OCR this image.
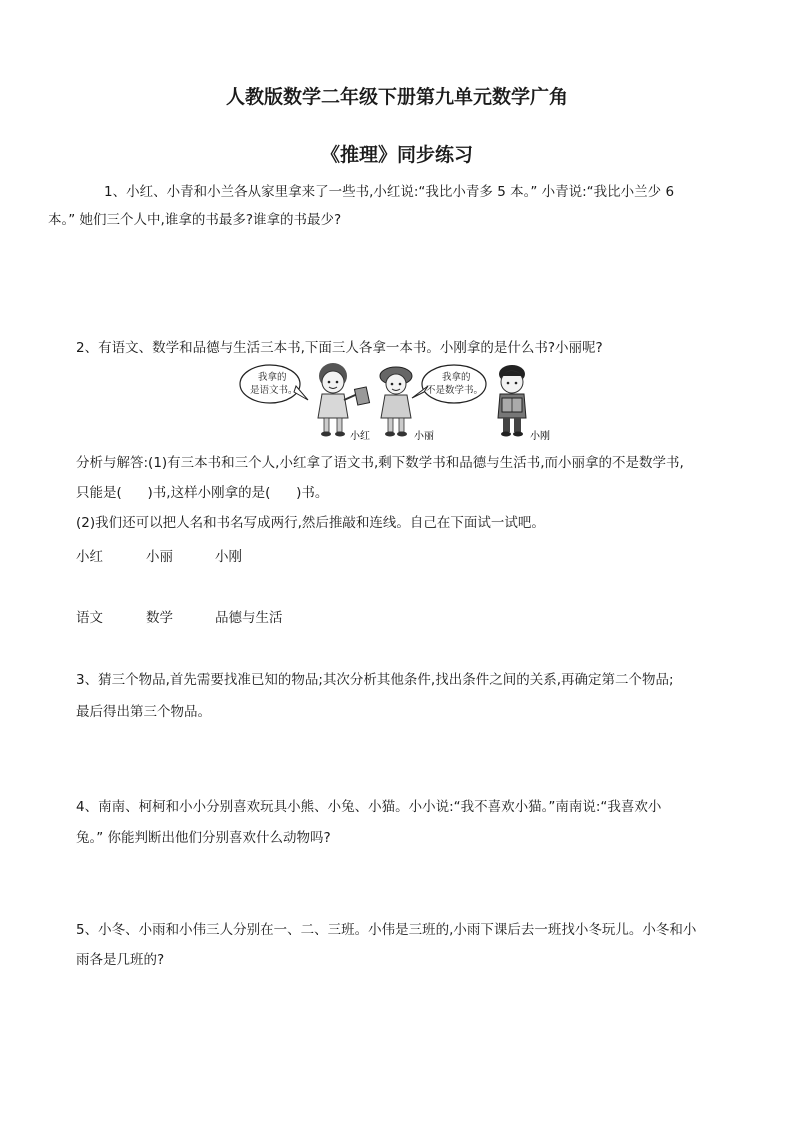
人教版数学二年级下册第九单元数学广角
《推理》同步练习
1、小红、小青和小兰各从家里拿来了一些书,小红说:“我比小青多 5 本。” 小青说:“我比小兰少 6
本。” 她们三个人中,谁拿的书最多?谁拿的书最少?
2、有语文、数学和品德与生活三本书,下面三人各拿一本书。小刚拿的是什么书?小丽呢?
我拿的
是语文书。
我拿的
不是数学书。
小红	小丽	小刚
分析与解答:(1)有三本书和三个人,小红拿了语文书,剩下数学书和品德与生活书,而小丽拿的不是数学书,
只能是(      )书,这样小刚拿的是(      )书。
(2)我们还可以把人名和书名写成两行,然后推敲和连线。自己在下面试一试吧。
小红	小丽	小刚
语文	数学	品德与生活
3、猜三个物品,首先需要找准已知的物品;其次分析其他条件,找出条件之间的关系,再确定第二个物品;
最后得出第三个物品。
4、南南、柯柯和小小分别喜欢玩具小熊、小兔、小猫。小小说:“我不喜欢小猫。”南南说:“我喜欢小
兔。” 你能判断出他们分别喜欢什么动物吗?
5、小冬、小雨和小伟三人分别在一、二、三班。小伟是三班的,小雨下课后去一班找小冬玩儿。小冬和小
雨各是几班的?
